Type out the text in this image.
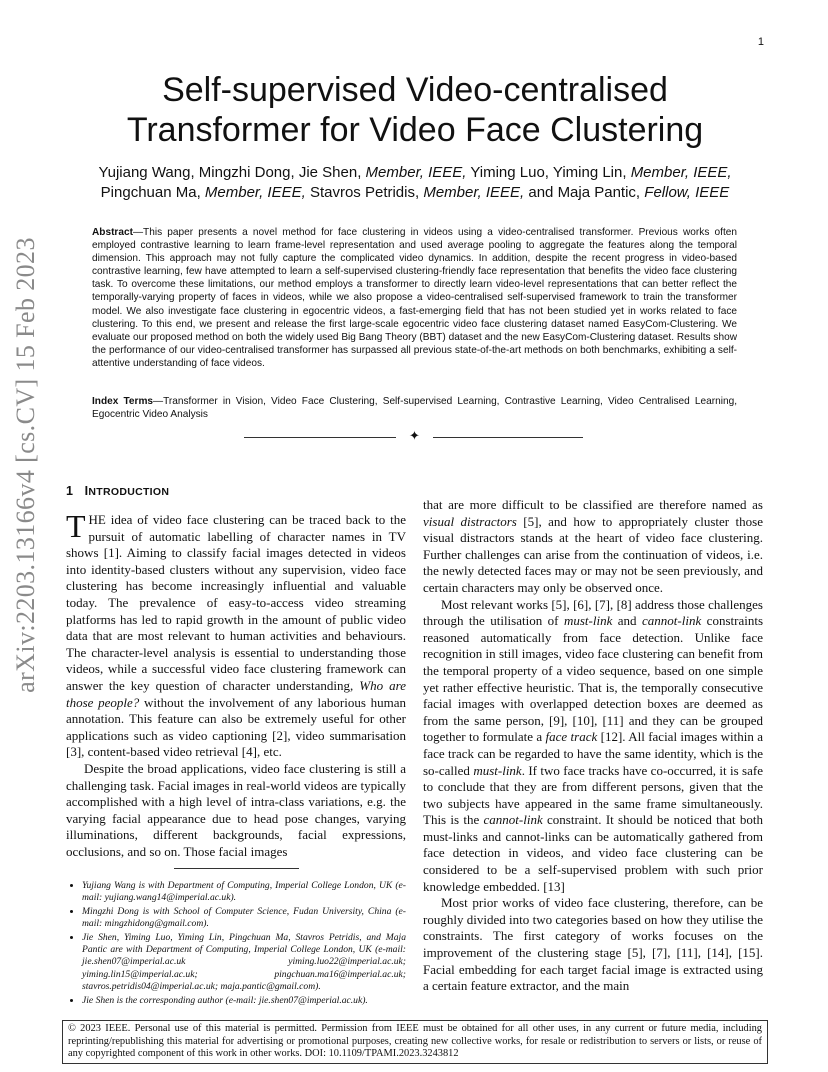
1
arXiv:2203.13166v4 [cs.CV] 15 Feb 2023
Self-supervised Video-centralised Transformer for Video Face Clustering
Yujiang Wang, Mingzhi Dong, Jie Shen, Member, IEEE, Yiming Luo, Yiming Lin, Member, IEEE,
Pingchuan Ma, Member, IEEE, Stavros Petridis, Member, IEEE, and Maja Pantic, Fellow, IEEE
Abstract—This paper presents a novel method for face clustering in videos using a video-centralised transformer. Previous works often employed contrastive learning to learn frame-level representation and used average pooling to aggregate the features along the temporal dimension. This approach may not fully capture the complicated video dynamics. In addition, despite the recent progress in video-based contrastive learning, few have attempted to learn a self-supervised clustering-friendly face representation that benefits the video face clustering task. To overcome these limitations, our method employs a transformer to directly learn video-level representations that can better reflect the temporally-varying property of faces in videos, while we also propose a video-centralised self-supervised framework to train the transformer model. We also investigate face clustering in egocentric videos, a fast-emerging field that has not been studied yet in works related to face clustering. To this end, we present and release the first large-scale egocentric video face clustering dataset named EasyCom-Clustering. We evaluate our proposed method on both the widely used Big Bang Theory (BBT) dataset and the new EasyCom-Clustering dataset. Results show the performance of our video-centralised transformer has surpassed all previous state-of-the-art methods on both benchmarks, exhibiting a self-attentive understanding of face videos.
Index Terms—Transformer in Vision, Video Face Clustering, Self-supervised Learning, Contrastive Learning, Video Centralised Learning, Egocentric Video Analysis
✦
1 INTRODUCTION

THE idea of video face clustering can be traced back to the pursuit of automatic labelling of character names in TV shows [1]. Aiming to classify facial images detected in videos into identity-based clusters without any supervision, video face clustering has become increasingly influential and valuable today. The prevalence of easy-to-access video streaming platforms has led to rapid growth in the amount of public video data that are most relevant to human activities and behaviours. The character-level analysis is essential to understanding those videos, while a successful video face clustering framework can answer the key question of character understanding, Who are those people? without the involvement of any laborious human annotation. This feature can also be extremely useful for other applications such as video captioning [2], video summarisation [3], content-based video retrieval [4], etc.

Despite the broad applications, video face clustering is still a challenging task. Facial images in real-world videos are typically accomplished with a high level of intra-class variations, e.g. the varying facial appearance due to head pose changes, varying illuminations, different backgrounds, facial expressions, occlusions, and so on. Those facial images

that are more difficult to be classified are therefore named as visual distractors [5], and how to appropriately cluster those visual distractors stands at the heart of video face clustering. Further challenges can arise from the continuation of videos, i.e. the newly detected faces may or may not be seen previously, and certain characters may only be observed once.

Most relevant works [5], [6], [7], [8] address those challenges through the utilisation of must-link and cannot-link constraints reasoned automatically from face detection. Unlike face recognition in still images, video face clustering can benefit from the temporal property of a video sequence, based on one simple yet rather effective heuristic. That is, the temporally consecutive facial images with overlapped detection boxes are deemed as from the same person, [9], [10], [11] and they can be grouped together to formulate a face track [12]. All facial images within a face track can be regarded to have the same identity, which is the so-called must-link. If two face tracks have co-occurred, it is safe to conclude that they are from different persons, given that the two subjects have appeared in the same frame simultaneously. This is the cannot-link constraint. It should be noticed that both must-links and cannot-links can be automatically gathered from face detection in videos, and video face clustering can be considered to be a self-supervised problem with such prior knowledge embedded. [13]

Most prior works of video face clustering, therefore, can be roughly divided into two categories based on how they utilise the constraints. The first category of works focuses on the improvement of the clustering stage [5], [7], [11], [14], [15]. Facial embedding for each target facial image is extracted using a certain feature extractor, and the main

• Yujiang Wang is with Department of Computing, Imperial College London, UK (e-mail: yujiang.wang14@imperial.ac.uk).
• Mingzhi Dong is with School of Computer Science, Fudan University, China (e-mail: mingzhidong@gmail.com).
• Jie Shen, Yiming Luo, Yiming Lin, Pingchuan Ma, Stavros Petridis, and Maja Pantic are with Department of Computing, Imperial College London, UK (e-mail: jie.shen07@imperial.ac.uk yiming.luo22@imperial.ac.uk; yiming.lin15@imperial.ac.uk; pingchuan.ma16@imperial.ac.uk; stavros.petridis04@imperial.ac.uk; maja.pantic@gmail.com).
• Jie Shen is the corresponding author (e-mail: jie.shen07@imperial.ac.uk).
© 2023 IEEE. Personal use of this material is permitted. Permission from IEEE must be obtained for all other uses, in any current or future media, including reprinting/republishing this material for advertising or promotional purposes, creating new collective works, for resale or redistribution to servers or lists, or reuse of any copyrighted component of this work in other works. DOI: 10.1109/TPAMI.2023.3243812
